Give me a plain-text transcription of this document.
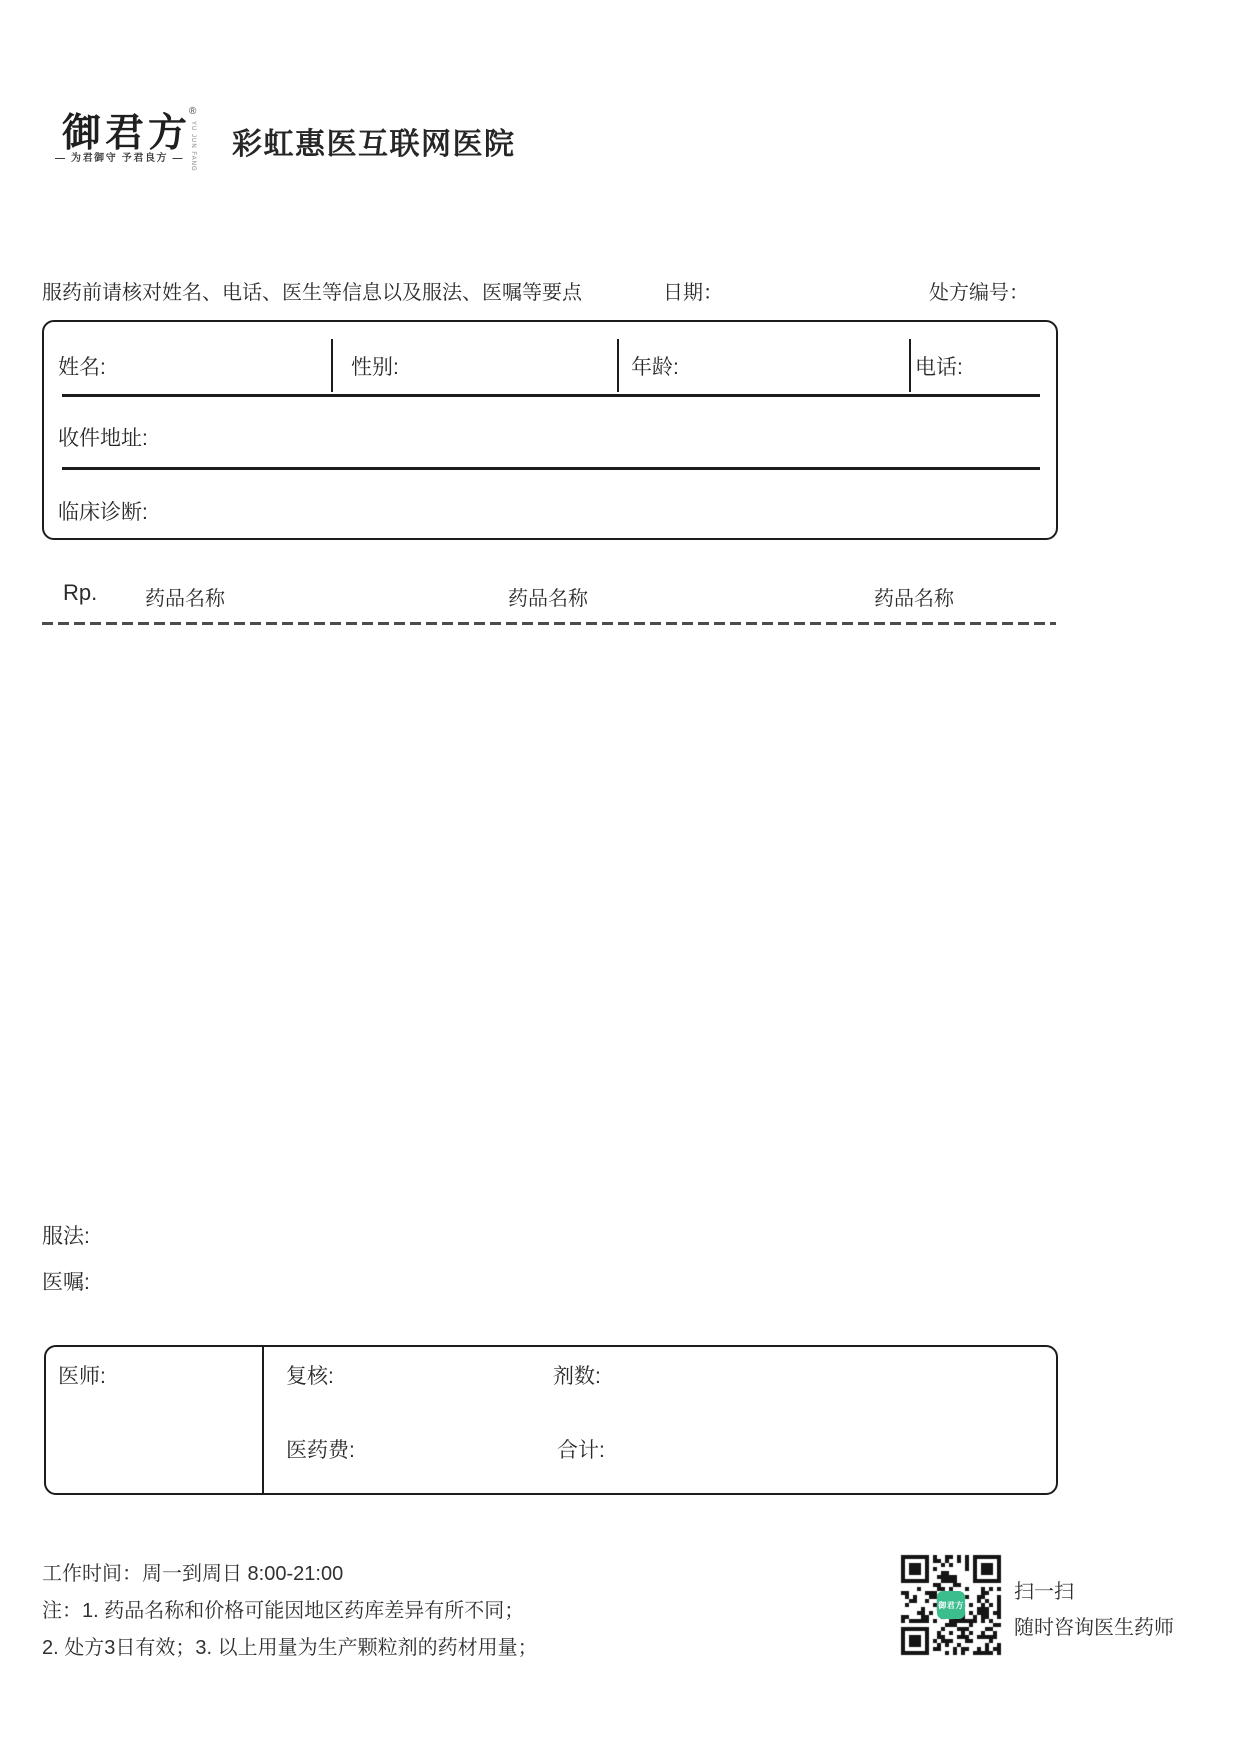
御君方
®
YU JUN FANG
— 为君御守 予君良方 — 彩虹惠医互联网医院
服药前请核对姓名、电话、医生等信息以及服法、医嘱等要点	日期：	处方编号：
姓名:	性别:	年龄:	电话:
收件地址:
临床诊断:
Rp. 药品名称	药品名称	药品名称
服法:
医嘱:
医师:	复核:	剂数:
医药费:	合计:
工作时间：周一到周日 8:00-21:00
注：1. 药品名称和价格可能因地区药库差异有所不同；
2. 处方3日有效；3. 以上用量为生产颗粒剂的药材用量；
御君方
扫一扫
随时咨询医生药师
